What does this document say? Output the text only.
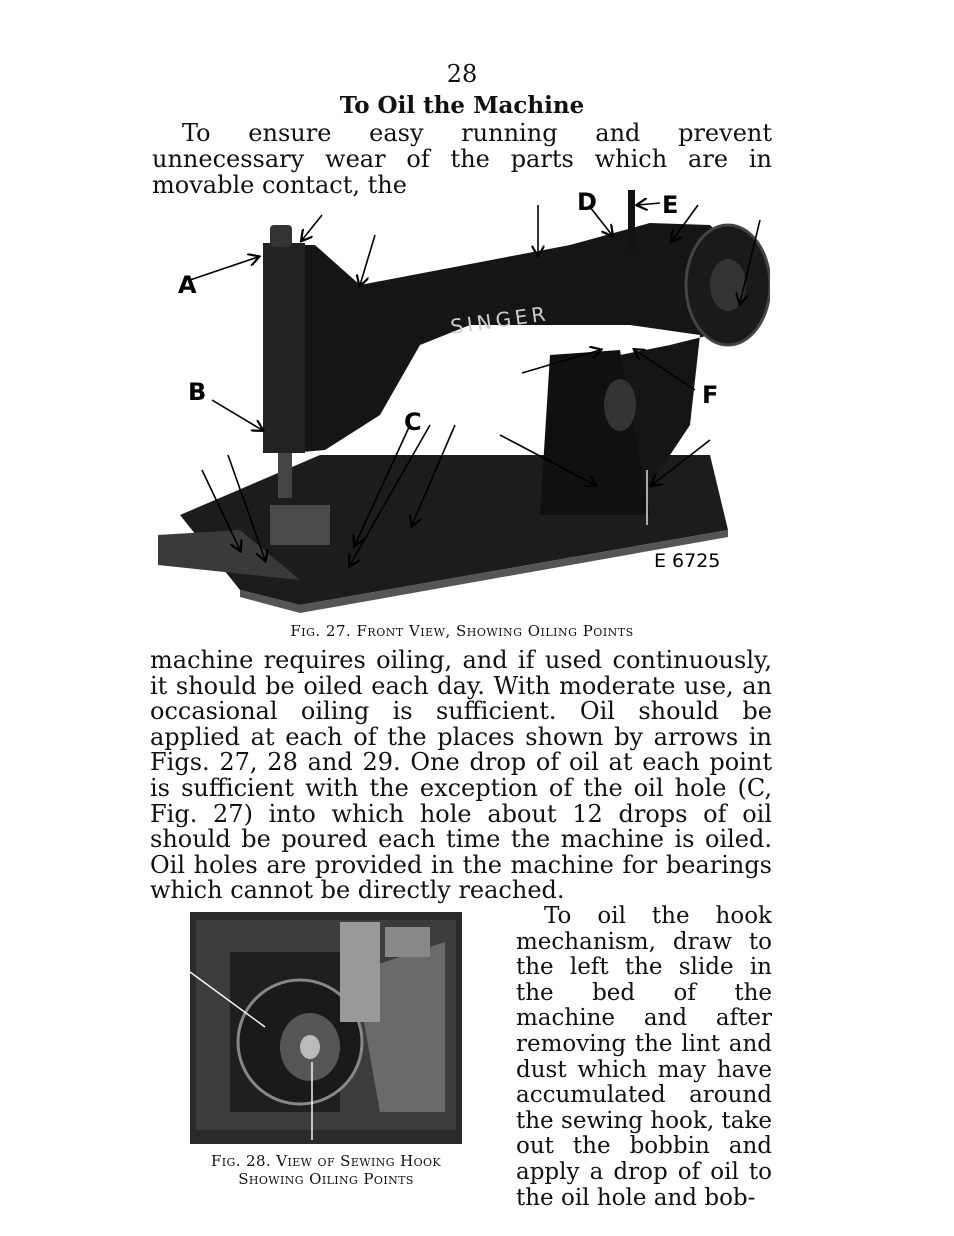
28
To Oil the Machine

To ensure easy running and prevent unnecessary wear of the parts which are in movable contact, the

SINGER
A
B
C
D	E
F
E 6725
Fig. 27. Front View, Showing Oiling Points

machine requires oiling, and if used continuously, it should be oiled each day. With moderate use, an occasional oiling is sufficient. Oil should be applied at each of the places shown by arrows in Figs. 27, 28 and 29. One drop of oil at each point is sufficient with the exception of the oil hole (C, Fig. 27) into which hole about 12 drops of oil should be poured each time the machine is oiled. Oil holes are provided in the machine for bearings which cannot be directly reached.

Fig. 28. View of Sewing Hook
Showing Oiling Points

To oil the hook mechanism, draw to the left the slide in the bed of the machine and after removing the lint and dust which may have accumulated around the sewing hook, take out the bobbin and apply a drop of oil to the oil hole and bob-
